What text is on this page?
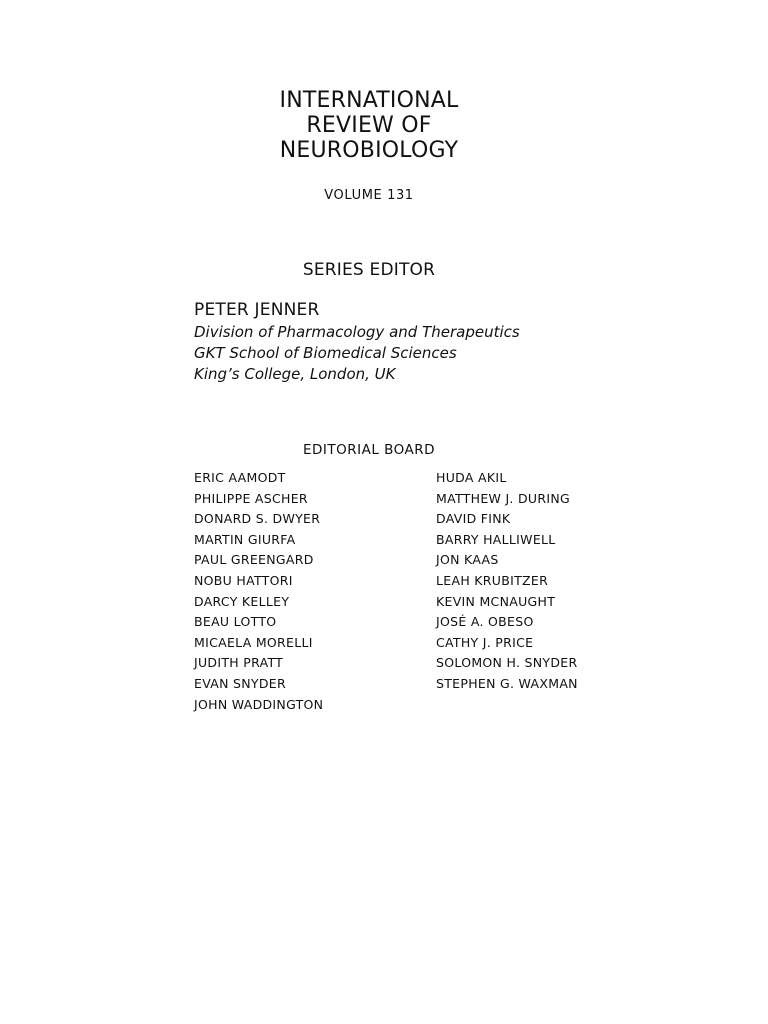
INTERNATIONAL
REVIEW OF
NEUROBIOLOGY
VOLUME 131
SERIES EDITOR
PETER JENNER
Division of Pharmacology and Therapeutics
GKT School of Biomedical Sciences
King’s College, London, UK
EDITORIAL BOARD
ERIC AAMODT
PHILIPPE ASCHER
DONARD S. DWYER
MARTIN GIURFA
PAUL GREENGARD
NOBU HATTORI
DARCY KELLEY
BEAU LOTTO
MICAELA MORELLI
JUDITH PRATT
EVAN SNYDER
JOHN WADDINGTON
HUDA AKIL
MATTHEW J. DURING
DAVID FINK
BARRY HALLIWELL
JON KAAS
LEAH KRUBITZER
KEVIN MCNAUGHT
JOSÉ A. OBESO
CATHY J. PRICE
SOLOMON H. SNYDER
STEPHEN G. WAXMAN
